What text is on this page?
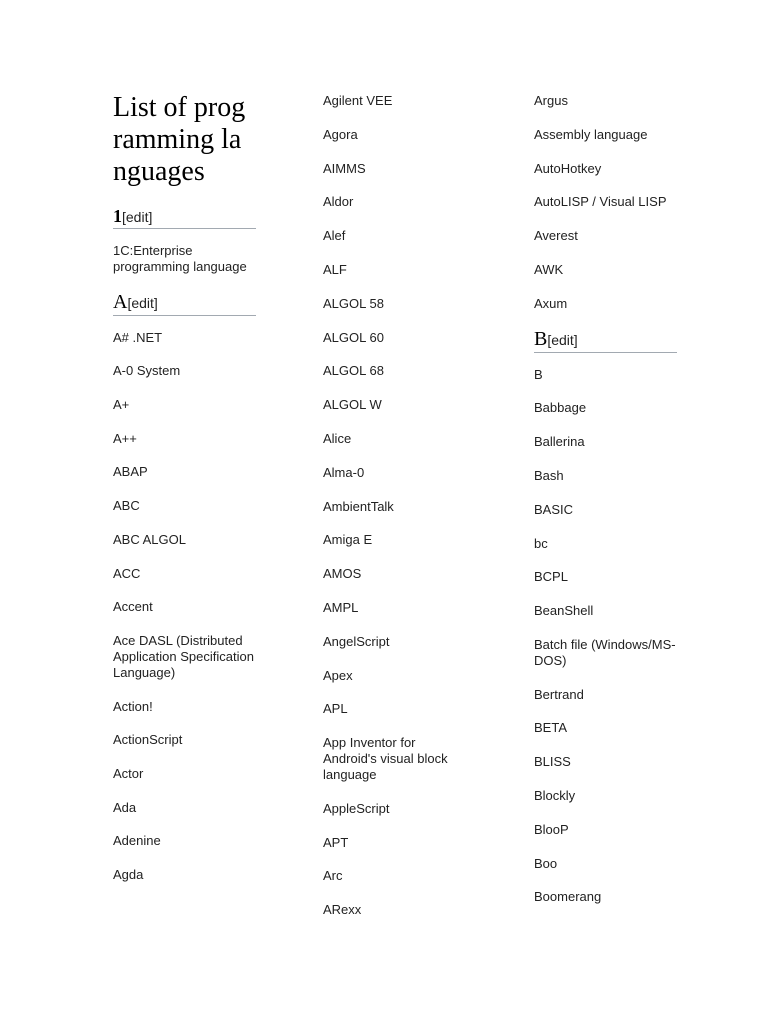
List of programming languages
1[edit]
1C:Enterprise programming language
A[edit]
A# .NET
A-0 System
A+
A++
ABAP
ABC
ABC ALGOL
ACC
Accent
Ace DASL (Distributed Application Specification Language)
Action!
ActionScript
Actor
Ada
Adenine
Agda
Agilent VEE
Agora
AIMMS
Aldor
Alef
ALF
ALGOL 58
ALGOL 60
ALGOL 68
ALGOL W
Alice
Alma-0
AmbientTalk
Amiga E
AMOS
AMPL
AngelScript
Apex
APL
App Inventor for Android's visual block language
AppleScript
APT
Arc
ARexx
Argus
Assembly language
AutoHotkey
AutoLISP / Visual LISP
Averest
AWK
Axum
B[edit]
B
Babbage
Ballerina
Bash
BASIC
bc
BCPL
BeanShell
Batch file (Windows/MS-DOS)
Bertrand
BETA
BLISS
Blockly
BlooP
Boo
Boomerang
